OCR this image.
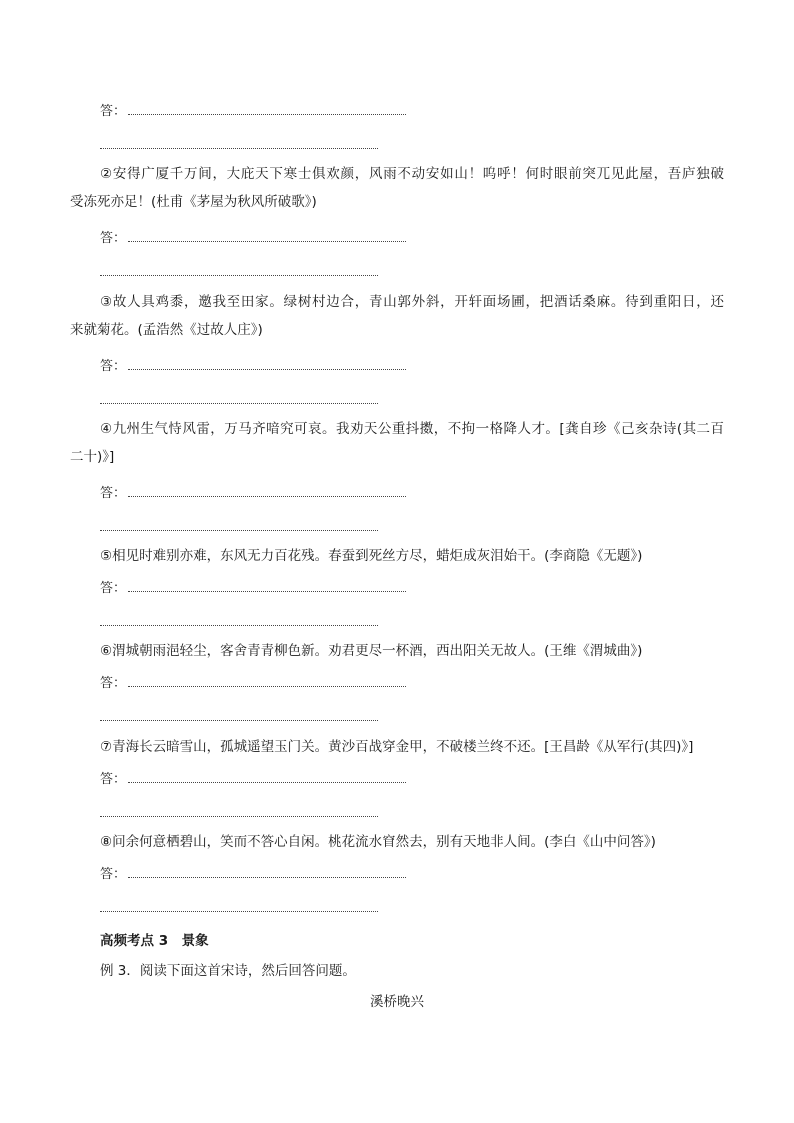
答：
②安得广厦千万间，大庇天下寒士俱欢颜，风雨不动安如山！呜呼！何时眼前突兀见此屋，吾庐独破
受冻死亦足！(杜甫《茅屋为秋风所破歌》)
答：
③故人具鸡黍，邀我至田家。绿树村边合，青山郭外斜，开轩面场圃，把酒话桑麻。待到重阳日，还
来就菊花。(孟浩然《过故人庄》)
答：
④九州生气恃风雷，万马齐喑究可哀。我劝天公重抖擞，不拘一格降人才。[龚自珍《己亥杂诗(其二百
二十)》]
答：
⑤相见时难别亦难，东风无力百花残。春蚕到死丝方尽，蜡炬成灰泪始干。(李商隐《无题》)
答：
⑥渭城朝雨浥轻尘，客舍青青柳色新。劝君更尽一杯酒，西出阳关无故人。(王维《渭城曲》)
答：
⑦青海长云暗雪山，孤城遥望玉门关。黄沙百战穿金甲，不破楼兰终不还。[王昌龄《从军行(其四)》]
答：
⑧问余何意栖碧山，笑而不答心自闲。桃花流水窅然去，别有天地非人间。(李白《山中问答》)
答：
高频考点 3　景象
例 3．阅读下面这首宋诗，然后回答问题。
溪桥晚兴
